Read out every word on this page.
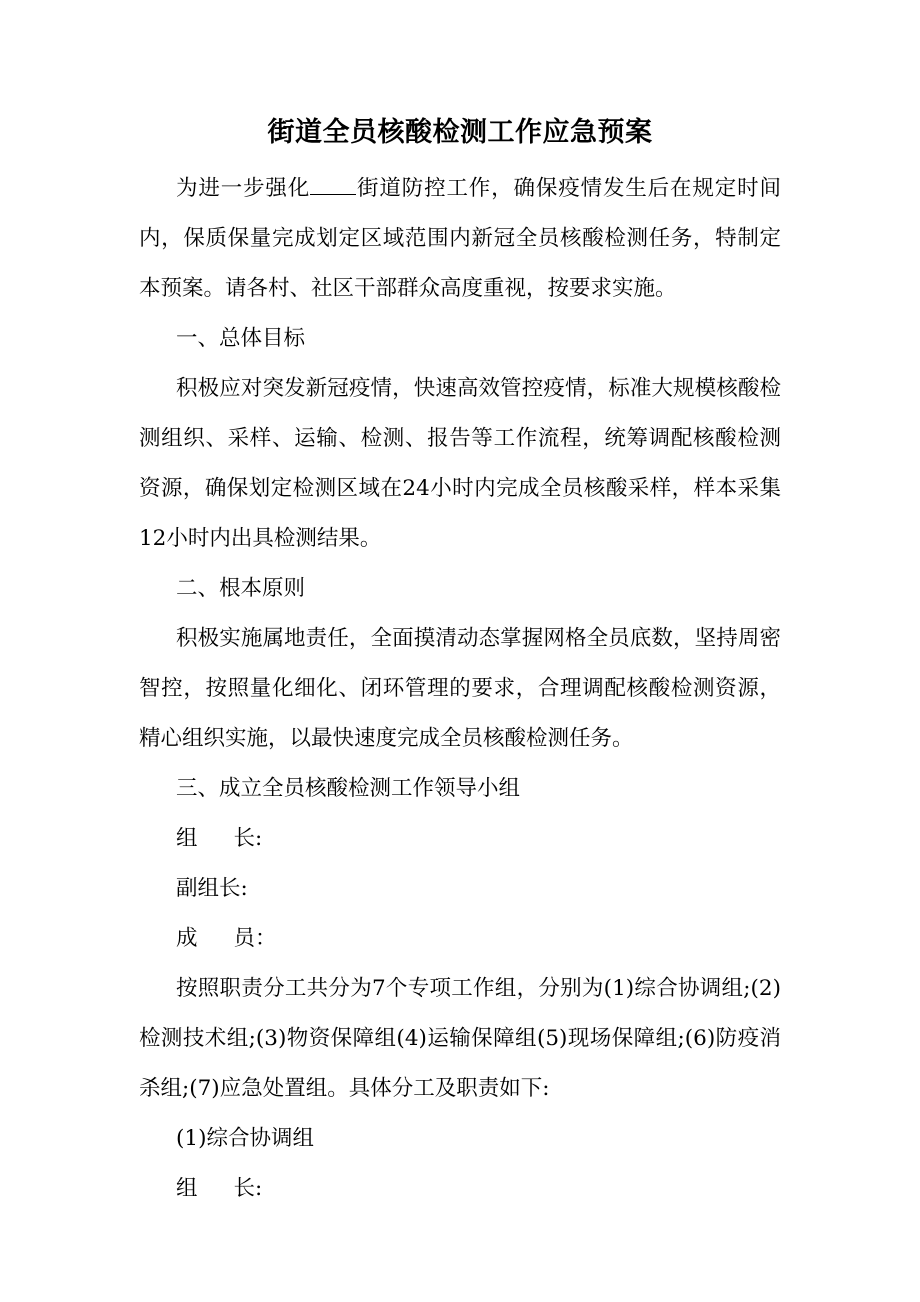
街道全员核酸检测工作应急预案

为进一步强化 街道防控工作，确保疫情发生后在规定时间内，保质保量完成划定区域范围内新冠全员核酸检测任务，特制定本预案。请各村、社区干部群众高度重视，按要求实施。

一、总体目标

积极应对突发新冠疫情，快速高效管控疫情，标准大规模核酸检测组织、采样、运输、检测、报告等工作流程，统筹调配核酸检测资源，确保划定检测区域在24小时内完成全员核酸采样，样本采集12小时内出具检测结果。

二、根本原则

积极实施属地责任，全面摸清动态掌握网格全员底数，坚持周密智控，按照量化细化、闭环管理的要求，合理调配核酸检测资源，精心组织实施，以最快速度完成全员核酸检测任务。

三、成立全员核酸检测工作领导小组

组 长:

副组长:

成 员：

按照职责分工共分为7个专项工作组，分别为(1)综合协调组;(2)检测技术组;(3)物资保障组(4)运输保障组(5)现场保障组;(6)防疫消杀组;(7)应急处置组。具体分工及职责如下:

(1)综合协调组

组 长:
